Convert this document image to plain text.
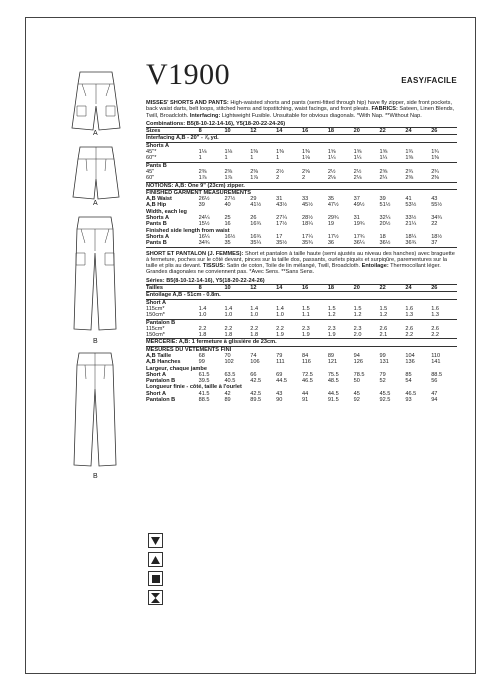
A
A
B
B
V1900	EASY/FACILE

MISSES' SHORTS AND PANTS: High-waisted shorts and pants (semi-fitted through hip) have fly zipper, side front pockets, back waist darts, belt loops, stitched hems and topstitching, waist facings, and front pleats. FABRICS: Sateen, Linen Blends, Twill, Broadcloth. Interfacing: Lightweight Fusible. Unsuitable for obvious diagonals. *With Nap. **Without Nap.

Combinations: B5(8-10-12-14-16), Y5(18-20-22-24-26)

Sizes	8	10	12	14	16	18	20	22	24	26

Interfacing A,B - 20" - ⅞ yd.

Shorts A
45"*	1⅛	1⅛	1⅜	1⅜	1⅜	1⅝	1⅝	1⅝	1¾	1¾
60"*	1	1	1	1	1⅛	1¼	1¼	1¼	1⅜	1⅜
Pants B
45"	2⅜	2⅜	2⅜	2½	2⅝	2½	2½	2⅝	2¾	2¾
60"	1⅞	1⅞	1⅞	2	2	2⅛	2⅛	2¼	2⅜	2⅜

NOTIONS: A,B: One 9" (23cm) zipper.

FINISHED GARMENT MEASUREMENTS

A,B Waist	26½	27½	29	31	33	35	37	39	41	43
A,B Hip	39	40	41½	43½	45½	47½	49½	51½	53½	55½
Width, each leg
Shorts A	24¼	25	26	27¼	28½	29¾	31	32¼	33½	34¾
Pants B	15½	16	16¾	17½	18¼	19	19¾	20½	21¼	22
Finished side length from waist
Shorts A	16¼	16½	16¾	17	17¼	17½	17¾	18	18¼	18½
Pants B	34¾	35	35¼	35½	35¾	36	36¼	36½	36¾	37

SHORT ET PANTALON (J. FEMMES): Short et pantalon à taille haute (semi ajustés au niveau des hanches) avec braguette à fermeture, poches sur le côté devant, pinces sur la taille dos, passants, ourlets piqués et surpiqûre, parementures sur la taille et plis au devant. TISSUS: Satin de coton, Toile de lin mélangé, Twill, Broadcloth. Entoilage: Thermocollant léger. Grandes diagonales ne conviennent pas. *Avec Sens. **Sans Sens.

Séries: B5(8-10-12-14-16), Y5(18-20-22-24-26)

Tailles	8	10	12	14	16	18	20	22	24	26

Entoilage A,B - 51cm - 0.8m.

Short A
115cm*	1.4	1.4	1.4	1.4	1.5	1.5	1.5	1.5	1.6	1.6
150cm*	1.0	1.0	1.0	1.0	1.1	1.2	1.2	1.2	1.3	1.3
Pantalon B
115cm*	2.2	2.2	2.2	2.2	2.3	2.3	2.3	2.6	2.6	2.6
150cm*	1.8	1.8	1.8	1.9	1.9	1.9	2.0	2.1	2.2	2.2

MERCERIE: A,B: 1 fermeture à glissière de 23cm.

MESURES DU VÊTEMENTS FINI

A,B Taille	68	70	74	79	84	89	94	99	104	110
A,B Hanches	99	102	106	111	116	121	126	131	136	141
Largeur, chaque jambe
Short A	61.5	63.5	66	69	72.5	75.5	78.5	79	85	88.5
Pantalon B	39.5	40.5	42.5	44.5	46.5	48.5	50	52	54	56
Longueur finie - côté, taille à l'ourlet
Short A	41.5	42	42.5	43	44	44.5	45	45.5	46.5	47
Pantalon B	88.5	89	89.5	90	91	91.5	92	92.5	93	94
